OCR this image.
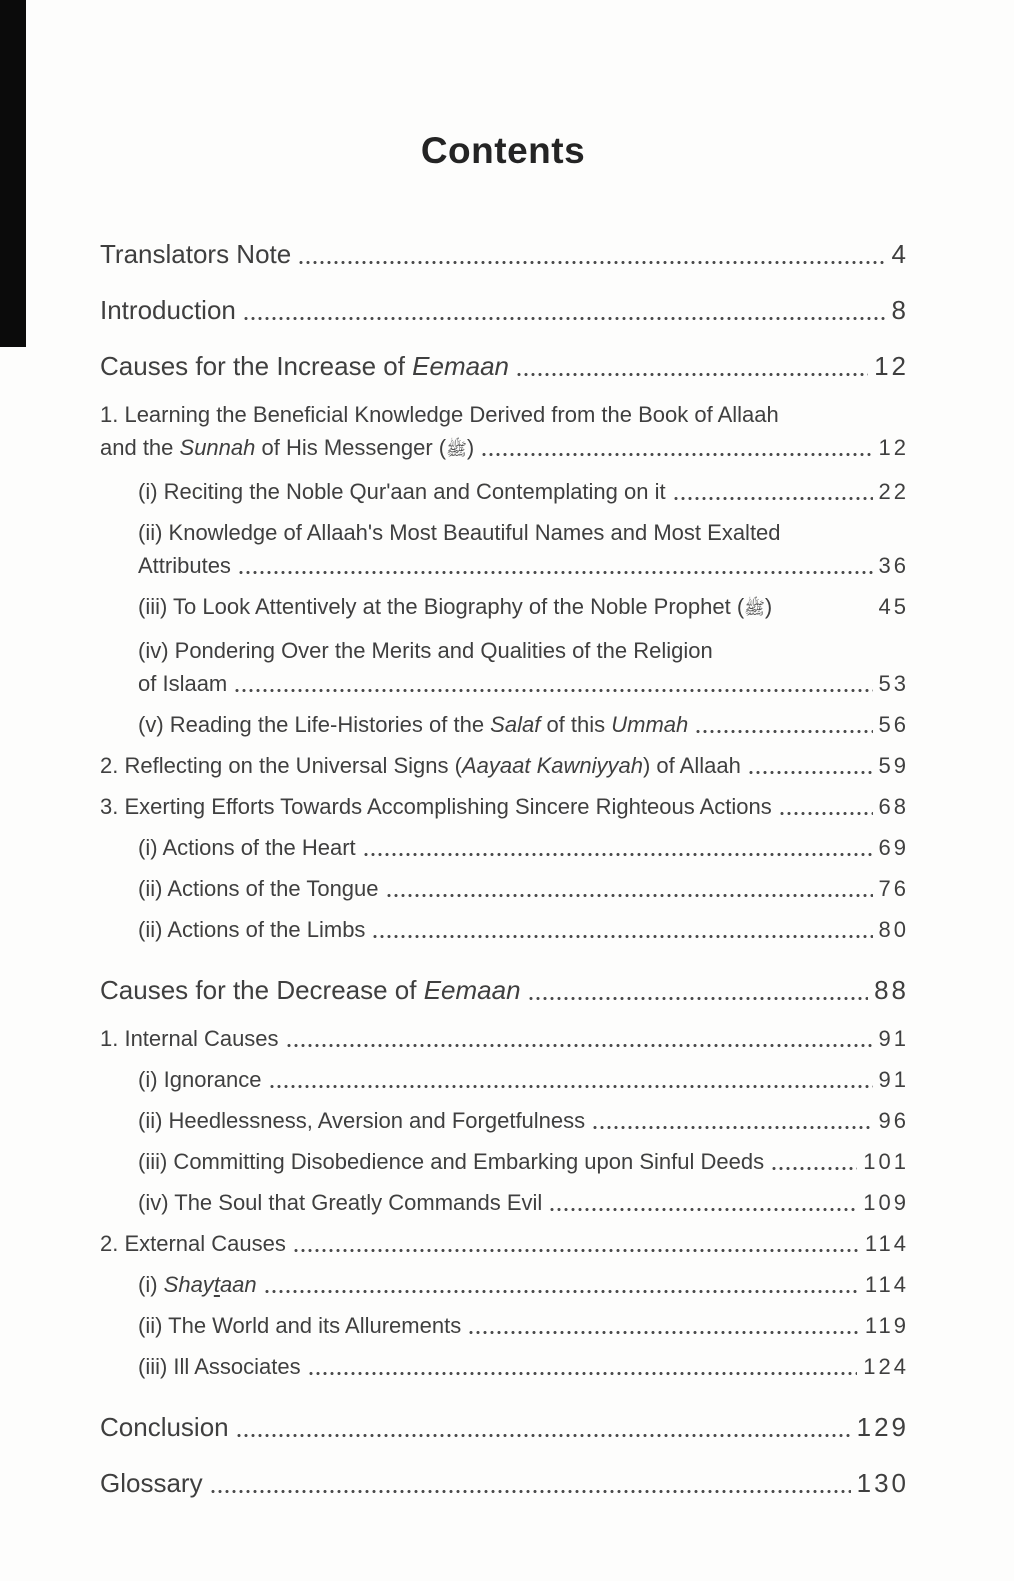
Contents
Translators Note	4
Introduction	8
Causes for the Increase of Eemaan	12
1. Learning the Beneficial Knowledge Derived from the Book of Allaah
and the Sunnah of His Messenger (ﷺ)	12
(i) Reciting the Noble Qur'aan and Contemplating on it	22
(ii) Knowledge of Allaah's Most Beautiful Names and Most Exalted
Attributes	36
(iii) To Look Attentively at the Biography of the Noble Prophet (ﷺ)	45
(iv) Pondering Over the Merits and Qualities of the Religion
of Islaam	53
(v) Reading the Life-Histories of the Salaf of this Ummah	56
2. Reflecting on the Universal Signs (Aayaat Kawniyyah) of Allaah	59
3. Exerting Efforts Towards Accomplishing Sincere Righteous Actions	68
(i) Actions of the Heart	69
(ii) Actions of the Tongue	76
(ii) Actions of the Limbs	80
Causes for the Decrease of Eemaan	88
1. Internal Causes	91
(i) Ignorance	91
(ii) Heedlessness, Aversion and Forgetfulness	96
(iii) Committing Disobedience and Embarking upon Sinful Deeds	101
(iv) The Soul that Greatly Commands Evil	109
2. External Causes	114
(i) Shaytaan	114
(ii) The World and its Allurements	119
(iii) Ill Associates	124
Conclusion	129
Glossary	130
